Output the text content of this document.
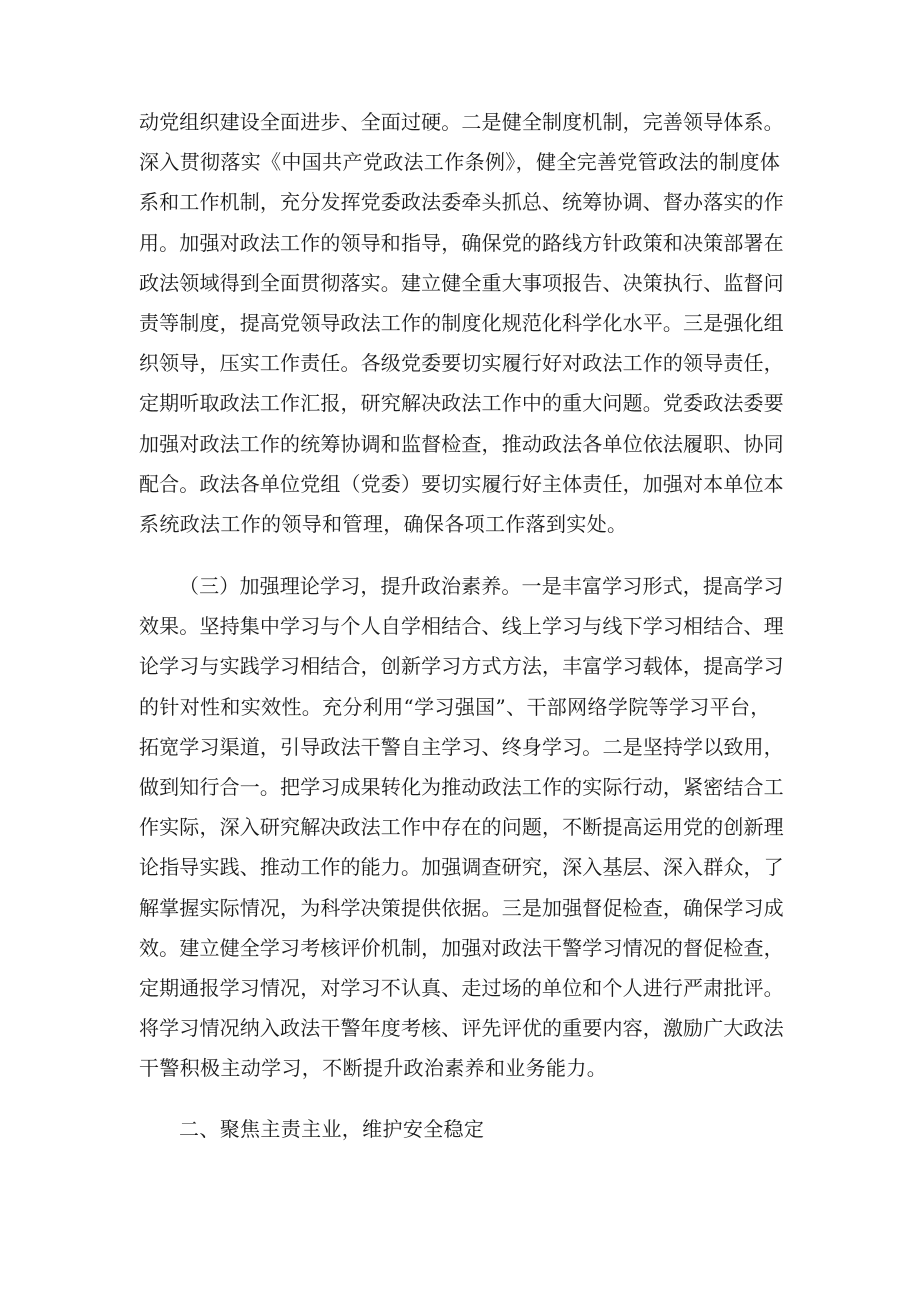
动党组织建设全面进步、全面过硬。二是健全制度机制，完善领导体系。
深入贯彻落实《中国共产党政法工作条例》，健全完善党管政法的制度体
系和工作机制，充分发挥党委政法委牵头抓总、统筹协调、督办落实的作
用。加强对政法工作的领导和指导，确保党的路线方针政策和决策部署在
政法领域得到全面贯彻落实。建立健全重大事项报告、决策执行、监督问
责等制度，提高党领导政法工作的制度化规范化科学化水平。三是强化组
织领导，压实工作责任。各级党委要切实履行好对政法工作的领导责任，
定期听取政法工作汇报，研究解决政法工作中的重大问题。党委政法委要
加强对政法工作的统筹协调和监督检查，推动政法各单位依法履职、协同
配合。政法各单位党组（党委）要切实履行好主体责任，加强对本单位本
系统政法工作的领导和管理，确保各项工作落到实处。
（三）加强理论学习，提升政治素养。一是丰富学习形式，提高学习
效果。坚持集中学习与个人自学相结合、线上学习与线下学习相结合、理
论学习与实践学习相结合，创新学习方式方法，丰富学习载体，提高学习
的针对性和实效性。充分利用“学习强国”、干部网络学院等学习平台，
拓宽学习渠道，引导政法干警自主学习、终身学习。二是坚持学以致用，
做到知行合一。把学习成果转化为推动政法工作的实际行动，紧密结合工
作实际，深入研究解决政法工作中存在的问题，不断提高运用党的创新理
论指导实践、推动工作的能力。加强调查研究，深入基层、深入群众，了
解掌握实际情况，为科学决策提供依据。三是加强督促检查，确保学习成
效。建立健全学习考核评价机制，加强对政法干警学习情况的督促检查，
定期通报学习情况，对学习不认真、走过场的单位和个人进行严肃批评。
将学习情况纳入政法干警年度考核、评先评优的重要内容，激励广大政法
干警积极主动学习，不断提升政治素养和业务能力。
二、聚焦主责主业，维护安全稳定
